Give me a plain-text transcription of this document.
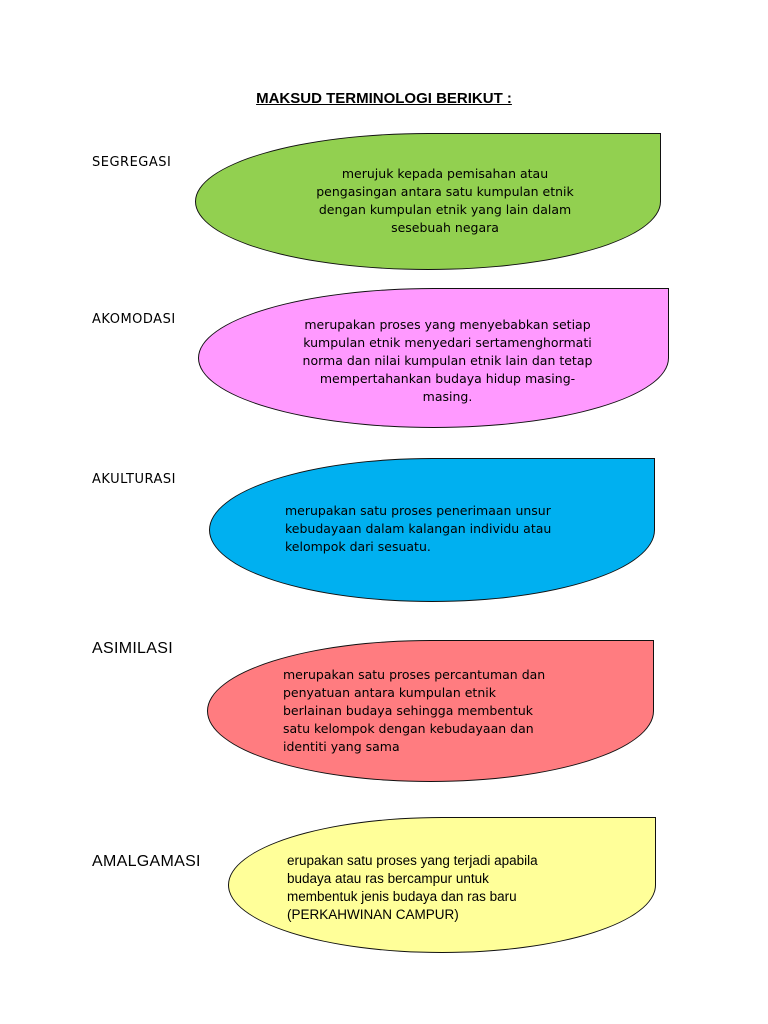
MAKSUD TERMINOLOGI BERIKUT :
SEGREGASI
merujuk kepada pemisahan atau
pengasingan antara satu kumpulan etnik
dengan kumpulan etnik yang lain dalam
sesebuah negara
AKOMODASI	merupakan proses yang menyebabkan setiap
kumpulan etnik menyedari sertamenghormati
norma dan nilai kumpulan etnik lain dan tetap
mempertahankan budaya hidup masing-
masing.
AKULTURASI
merupakan satu proses penerimaan unsur
kebudayaan dalam kalangan individu atau
kelompok dari sesuatu.
ASIMILASI
merupakan satu proses percantuman dan
penyatuan antara kumpulan etnik
berlainan budaya sehingga membentuk
satu kelompok dengan kebudayaan dan
identiti yang sama
AMALGAMASI	erupakan satu proses yang terjadi apabila
budaya atau ras bercampur untuk
membentuk jenis budaya dan ras baru
(PERKAHWINAN CAMPUR)
